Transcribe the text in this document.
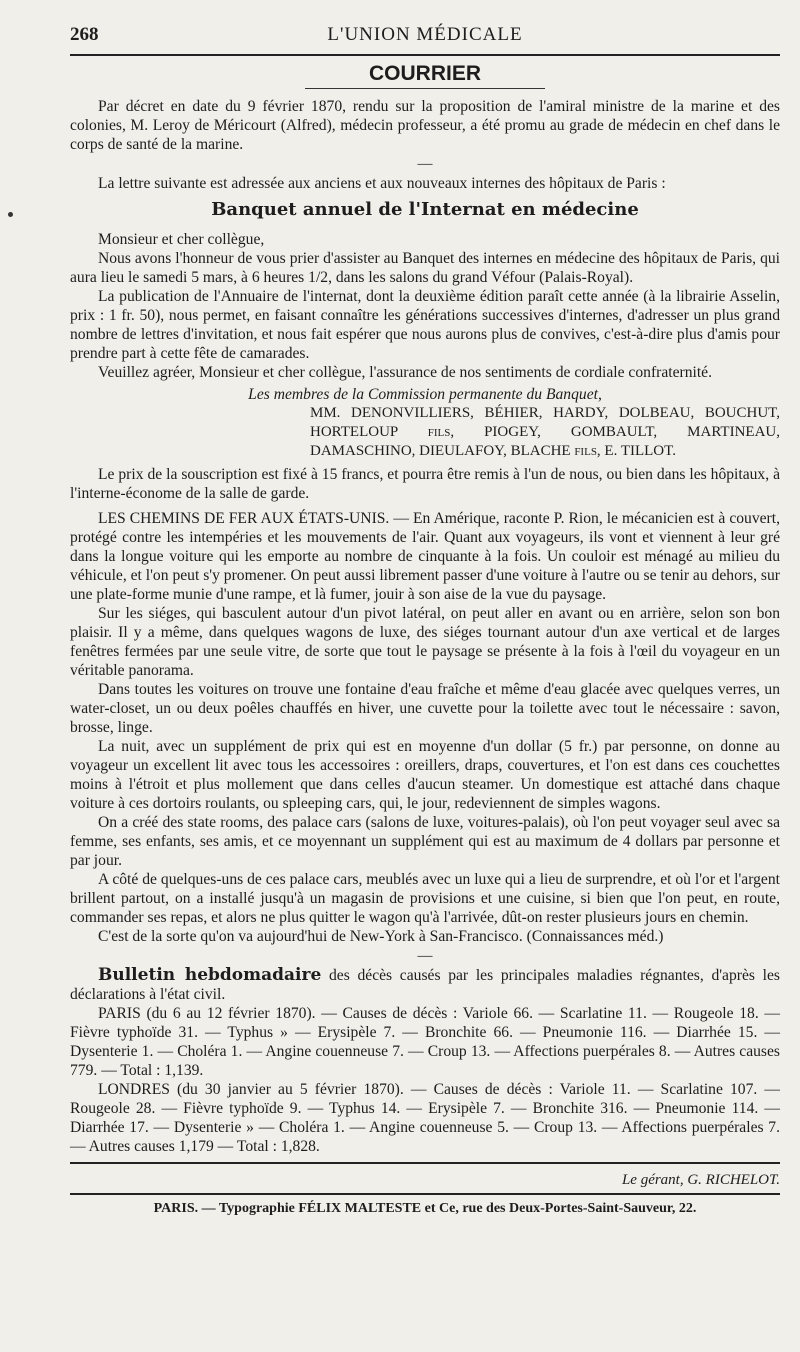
268	L'UNION MÉDICALE
COURRIER

Par décret en date du 9 février 1870, rendu sur la proposition de l'amiral ministre de la marine et des colonies, M. Leroy de Méricourt (Alfred), médecin professeur, a été promu au grade de médecin en chef dans le corps de santé de la marine.

—

La lettre suivante est adressée aux anciens et aux nouveaux internes des hôpitaux de Paris :

Banquet annuel de l'Internat en médecine

Monsieur et cher collègue,

Nous avons l'honneur de vous prier d'assister au Banquet des internes en médecine des hôpitaux de Paris, qui aura lieu le samedi 5 mars, à 6 heures 1/2, dans les salons du grand Véfour (Palais-Royal).

La publication de l'Annuaire de l'internat, dont la deuxième édition paraît cette année (à la librairie Asselin, prix : 1 fr. 50), nous permet, en faisant connaître les générations successives d'internes, d'adresser un plus grand nombre de lettres d'invitation, et nous fait espérer que nous aurons plus de convives, c'est-à-dire plus d'amis pour prendre part à cette fête de camarades.

Veuillez agréer, Monsieur et cher collègue, l'assurance de nos sentiments de cordiale confraternité.

Les membres de la Commission permanente du Banquet,
MM. DENONVILLIERS, BÉHIER, HARDY, DOLBEAU, BOUCHUT, HORTELOUP fils, PIOGEY, GOMBAULT, MARTINEAU, DAMASCHINO, DIEULAFOY, BLACHE fils, E. TILLOT.

Le prix de la souscription est fixé à 15 francs, et pourra être remis à l'un de nous, ou bien dans les hôpitaux, à l'interne-économe de la salle de garde.

LES CHEMINS DE FER AUX ÉTATS-UNIS. — En Amérique, raconte P. Rion, le mécanicien est à couvert, protégé contre les intempéries et les mouvements de l'air. Quant aux voyageurs, ils vont et viennent à leur gré dans la longue voiture qui les emporte au nombre de cinquante à la fois. Un couloir est ménagé au milieu du véhicule, et l'on peut s'y promener. On peut aussi librement passer d'une voiture à l'autre ou se tenir au dehors, sur une plate-forme munie d'une rampe, et là fumer, jouir à son aise de la vue du paysage.

Sur les siéges, qui basculent autour d'un pivot latéral, on peut aller en avant ou en arrière, selon son bon plaisir. Il y a même, dans quelques wagons de luxe, des siéges tournant autour d'un axe vertical et de larges fenêtres fermées par une seule vitre, de sorte que tout le paysage se présente à la fois à l'œil du voyageur en un véritable panorama.

Dans toutes les voitures on trouve une fontaine d'eau fraîche et même d'eau glacée avec quelques verres, un water-closet, un ou deux poêles chauffés en hiver, une cuvette pour la toilette avec tout le nécessaire : savon, brosse, linge.

La nuit, avec un supplément de prix qui est en moyenne d'un dollar (5 fr.) par personne, on donne au voyageur un excellent lit avec tous les accessoires : oreillers, draps, couvertures, et l'on est dans ces couchettes moins à l'étroit et plus mollement que dans celles d'aucun steamer. Un domestique est attaché dans chaque voiture à ces dortoirs roulants, ou spleeping cars, qui, le jour, redeviennent de simples wagons.

On a créé des state rooms, des palace cars (salons de luxe, voitures-palais), où l'on peut voyager seul avec sa femme, ses enfants, ses amis, et ce moyennant un supplément qui est au maximum de 4 dollars par personne et par jour.

A côté de quelques-uns de ces palace cars, meublés avec un luxe qui a lieu de surprendre, et où l'or et l'argent brillent partout, on a installé jusqu'à un magasin de provisions et une cuisine, si bien que l'on peut, en route, commander ses repas, et alors ne plus quitter le wagon qu'à l'arrivée, dût-on rester plusieurs jours en chemin.

C'est de la sorte qu'on va aujourd'hui de New-York à San-Francisco. (Connaissances méd.)

—

Bulletin hebdomadaire des décès causés par les principales maladies régnantes, d'après les déclarations à l'état civil.

PARIS (du 6 au 12 février 1870). — Causes de décès : Variole 66. — Scarlatine 11. — Rougeole 18. — Fièvre typhoïde 31. — Typhus » — Erysipèle 7. — Bronchite 66. — Pneumonie 116. — Diarrhée 15. — Dysenterie 1. — Choléra 1. — Angine couenneuse 7. — Croup 13. — Affections puerpérales 8. — Autres causes 779. — Total : 1,139.

LONDRES (du 30 janvier au 5 février 1870). — Causes de décès : Variole 11. — Scarlatine 107. — Rougeole 28. — Fièvre typhoïde 9. — Typhus 14. — Erysipèle 7. — Bronchite 316. — Pneumonie 114. — Diarrhée 17. — Dysenterie » — Choléra 1. — Angine couenneuse 5. — Croup 13. — Affections puerpérales 7. — Autres causes 1,179 — Total : 1,828.

Le gérant, G. RICHELOT.
PARIS. — Typographie FÉLIX MALTESTE et Ce, rue des Deux-Portes-Saint-Sauveur, 22.
